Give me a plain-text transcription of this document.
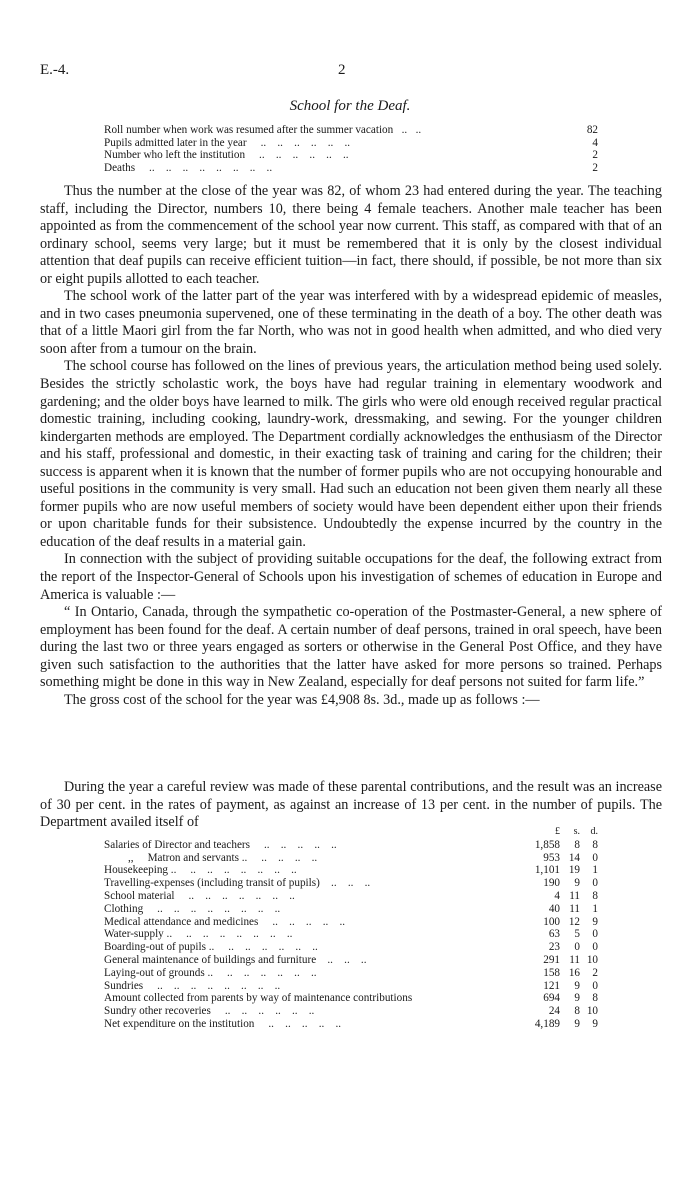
E.-4.	2
School for the Deaf.
Roll number when work was resumed after the summer vacation   ..   ..	82
Pupils admitted later in the year     ..    ..    ..    ..    ..    ..	4
Number who left the institution     ..    ..    ..    ..    ..    ..	2
Deaths     ..    ..    ..    ..    ..    ..    ..    ..	2

Thus the number at the close of the year was 82, of whom 23 had entered during the year. The teaching staff, including the Director, numbers 10, there being 4 female teachers. Another male teacher has been appointed as from the commencement of the school year now current. This staff, as compared with that of an ordinary school, seems very large; but it must be remembered that it is only by the closest individual attention that deaf pupils can receive efficient tuition—in fact, there should, if possible, be not more than six or eight pupils allotted to each teacher.

The school work of the latter part of the year was interfered with by a widespread epidemic of measles, and in two cases pneumonia supervened, one of these terminating in the death of a boy. The other death was that of a little Maori girl from the far North, who was not in good health when admitted, and who died very soon after from a tumour on the brain.

The school course has followed on the lines of previous years, the articulation method being used solely. Besides the strictly scholastic work, the boys have had regular training in elementary woodwork and gardening; and the older boys have learned to milk. The girls who were old enough received regular practical domestic training, including cooking, laundry-work, dressmaking, and sewing. For the younger children kindergarten methods are employed. The Department cordially acknowledges the enthusiasm of the Director and his staff, professional and domestic, in their exacting task of training and caring for the children; their success is apparent when it is known that the number of former pupils who are not occupying honourable and useful positions in the community is very small. Had such an education not been given them nearly all these former pupils who are now useful members of society would have been dependent either upon their friends or upon charitable funds for their subsistence. Undoubtedly the expense incurred by the country in the education of the deaf results in a material gain.

In connection with the subject of providing suitable occupations for the deaf, the following extract from the report of the Inspector-General of Schools upon his investigation of schemes of education in Europe and America is valuable :—

“ In Ontario, Canada, through the sympathetic co-operation of the Postmaster-General, a new sphere of employment has been found for the deaf. A certain number of deaf persons, trained in oral speech, have been during the last two or three years engaged as sorters or otherwise in the General Post Office, and they have given such satisfaction to the authorities that the latter have asked for more persons so trained. Perhaps something might be done in this way in New Zealand, especially for deaf persons not suited for farm life.”

The gross cost of the school for the year was £4,908 8s. 3d., made up as follows :—

£	s.	d.
Salaries of Director and teachers     ..    ..    ..    ..    ..	1,858	8	8
,,     Matron and servants ..     ..    ..    ..    ..	953 14	0
Housekeeping ..     ..    ..    ..    ..    ..    ..    ..	1,101 19	1
Travelling-expenses (including transit of pupils)    ..    ..    ..	190	9	0
School material     ..    ..    ..    ..    ..    ..    ..	4 11	8
Clothing     ..    ..    ..    ..    ..    ..    ..    ..	40 11	1
Medical attendance and medicines     ..    ..    ..    ..    ..	100 12	9
Water-supply ..     ..    ..    ..    ..    ..    ..    ..	63	5	0
Boarding-out of pupils ..     ..    ..    ..    ..    ..    ..	23	0	0
General maintenance of buildings and furniture    ..    ..    ..	291 11 10
Laying-out of grounds ..     ..    ..    ..    ..    ..    ..	158 16	2
Sundries     ..    ..    ..    ..    ..    ..    ..    ..	121	9	0
Amount collected from parents by way of maintenance contributions	694	9	8
Sundry other recoveries     ..    ..    ..    ..    ..    ..	24	8 10
Net expenditure on the institution     ..    ..    ..    ..    ..	4,189	9	9

During the year a careful review was made of these parental contributions, and the result was an increase of 30 per cent. in the rates of payment, as against an increase of 13 per cent. in the number of pupils. The Department availed itself of
